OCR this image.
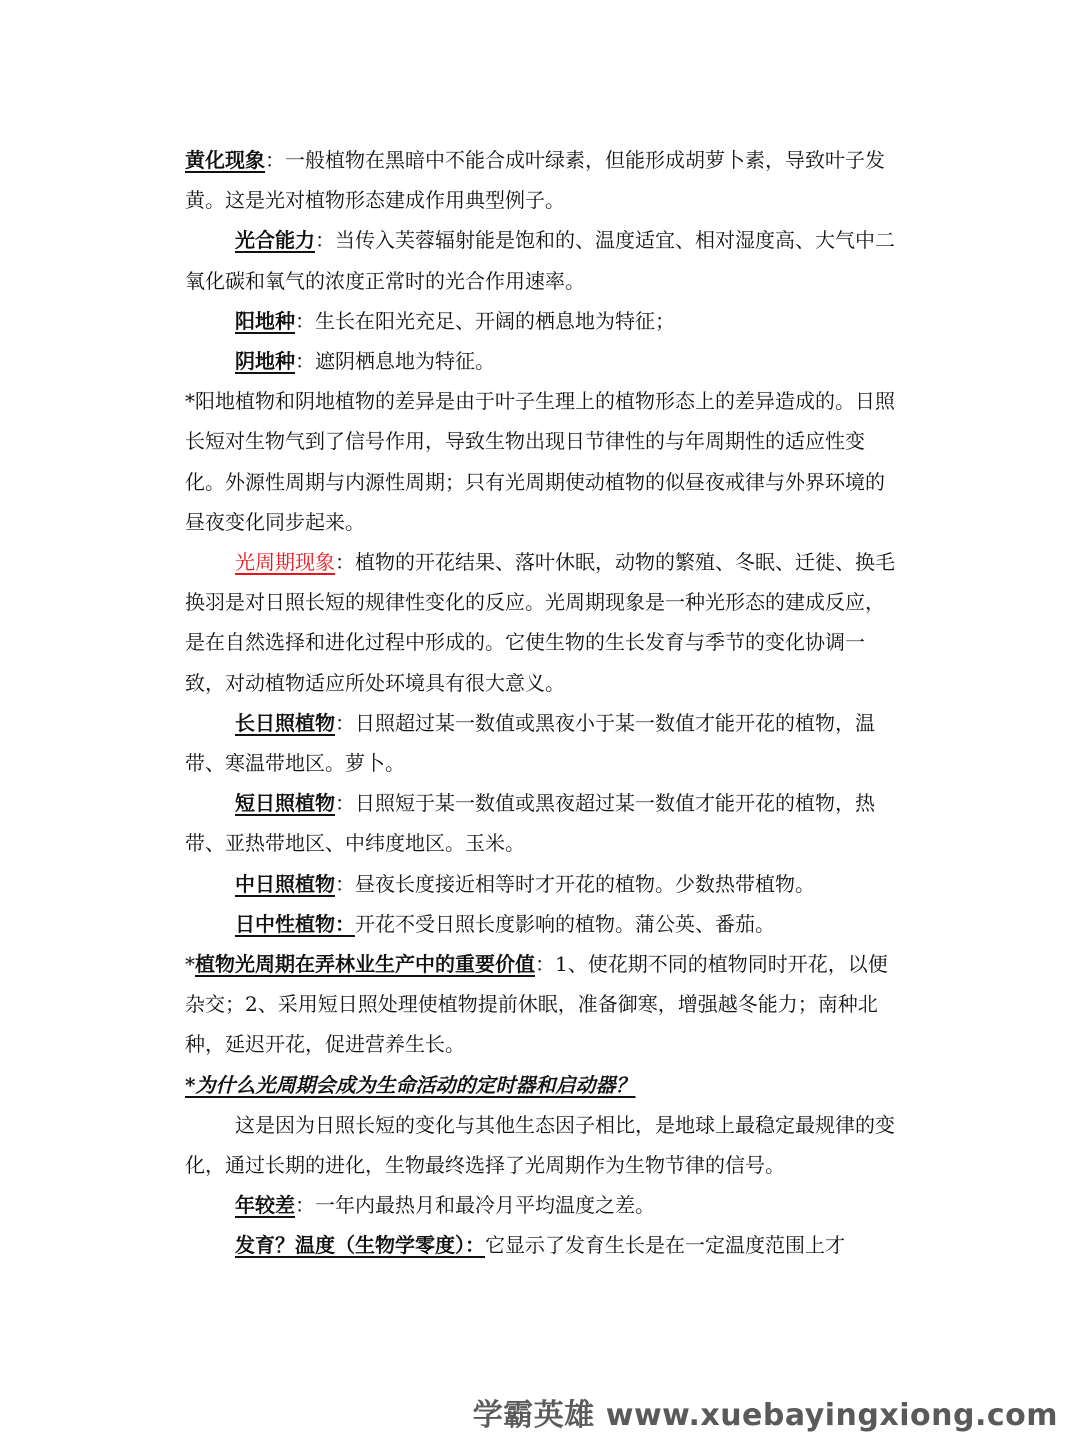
黄化现象：一般植物在黑暗中不能合成叶绿素，但能形成胡萝卜素，导致叶子发黄。这是光对植物形态建成作用典型例子。

光合能力：当传入芙蓉辐射能是饱和的、温度适宜、相对湿度高、大气中二氧化碳和氧气的浓度正常时的光合作用速率。

阳地种：生长在阳光充足、开阔的栖息地为特征；

阴地种：遮阴栖息地为特征。

*阳地植物和阴地植物的差异是由于叶子生理上的植物形态上的差异造成的。日照长短对生物气到了信号作用，导致生物出现日节律性的与年周期性的适应性变化。外源性周期与内源性周期；只有光周期使动植物的似昼夜戒律与外界环境的昼夜变化同步起来。

光周期现象：植物的开花结果、落叶休眠，动物的繁殖、冬眠、迁徙、换毛换羽是对日照长短的规律性变化的反应。光周期现象是一种光形态的建成反应，是在自然选择和进化过程中形成的。它使生物的生长发育与季节的变化协调一致，对动植物适应所处环境具有很大意义。

长日照植物：日照超过某一数值或黑夜小于某一数值才能开花的植物，温带、寒温带地区。萝卜。

短日照植物：日照短于某一数值或黑夜超过某一数值才能开花的植物，热带、亚热带地区、中纬度地区。玉米。

中日照植物：昼夜长度接近相等时才开花的植物。少数热带植物。

日中性植物：开花不受日照长度影响的植物。蒲公英、番茄。

*植物光周期在弄林业生产中的重要价值：1、使花期不同的植物同时开花，以便杂交；2、采用短日照处理使植物提前休眠，准备御寒，增强越冬能力；南种北种，延迟开花，促进营养生长。

*为什么光周期会成为生命活动的定时器和启动器？

这是因为日照长短的变化与其他生态因子相比，是地球上最稳定最规律的变化，通过长期的进化，生物最终选择了光周期作为生物节律的信号。

年较差：一年内最热月和最冷月平均温度之差。

发育？温度（生物学零度）：它显示了发育生长是在一定温度范围上才

学霸英雄 www.xuebayingxiong.com
